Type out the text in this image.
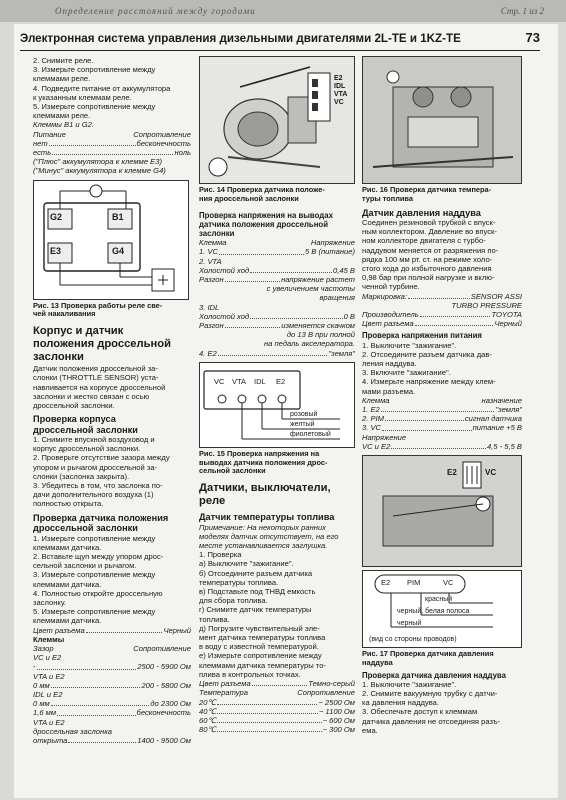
Определение расстояний между городами	Стр. 1 из 2
Электронная система управления дизельными двигателями 2L-TE и 1KZ-TE	73
2. Снимите реле.
3. Измерьте сопротивление между
клеммами реле.
4. Подведите питание от аккумулятора
к указанным клеммам реле.
5. Измерьте сопротивление между
клеммами реле.
Клеммы B1 и G2.
Питание	Сопротивление
нет	бесконечность
есть	ноль
("Плюс" аккумулятора к клемме E3)
("Минус" аккумулятора к клемме G4)
G2	B1
E3	G4
Рис. 13 Проверка работы реле све-
чей накаливания
Корпус и датчик
положения дроссельной
заслонки
Датчик положения дроссельной за-
слонки (THROTTLE SENSOR) уста-
навливается на корпусе дроссельной
заслонки и жестко связан с осью
дроссельной заслонки.
Проверка корпуса
дроссельной заслонки
1. Снимите впускной воздуховод и
корпус дроссельной заслонки.
2. Проверьте отсутствие зазора между
упором и рычагом дроссельной за-
слонки (заслонка закрыта).
3. Убедитесь в том, что заслонка по-
дачи дополнительного воздуха (1)
полностью открыта.
Проверка датчика положения
дроссельной заслонки
1. Измерьте сопротивление между
клеммами датчика.
2. Вставьте щуп между упором дрос-
сельной заслонки и рычагом.
3. Измерьте сопротивление между
клеммами датчика.
4. Полностью откройте дроссельную
заслонку.
5. Измерьте сопротивление между
клеммами датчика.
Цвет разъема	Черный
Клеммы
Зазор	Сопротивление
VC и E2
-	2500 - 5900 Ом
VTA и E2
0 мм	200 - 5800 Ом
IDL и E2
0 мм	до 2300 Ом
1,6 мм	бесконечность
VTA и E2
дроссельная заслонка
открыта	1400 - 9500 Ом
E2
IDL
VTA
VC
Рис. 14 Проверка датчика положе-
ния дроссельной заслонки
Проверка напряжения на выводах
датчика положения дроссельной
заслонки
Клемма	Напряжение
1. VC	5 В (питание)
2. VTA
Холостой ход	0,45 В
Разгон	напряжение растет
с увеличением частоты
вращения
3. IDL
Холостой ход	0 В
Разгон	изменяется скачком
до 13 В при полной
на педаль акселератора.
4. E2	"земля"
VC VTA IDL E2
розовый
желтый
фиолетовый
Рис. 15 Проверка напряжения на
выводах датчика положения дрос-
сельной заслонки
Датчики, выключатели,
реле
Датчик температуры топлива
Примечание: На некоторых ранних
моделях датчик отсутствует, на его
месте устанавливается заглушка.
1. Проверка
а) Выключите "зажигание".
б) Отсоедините разъем датчика
температуры топлива.
в) Подставьте под ТНВД емкость
для сбора топлива.
г) Снимите датчик температуры
топлива.
д) Погрузите чувствительный эле-
мент датчика температуры топлива
в воду с известной температурой.
е) Измерьте сопротивление между
клеммами датчика температуры то-
плива в контрольных точках.
Цвет разъема	Темно-серый
Температура	Сопротивление
20℃	~ 2500 Ом
40℃	~ 1100 Ом
60℃	~ 600 Ом
80℃	~ 300 Ом
Рис. 16 Проверка датчика темпера-
туры топлива
Датчик давления наддува
Соединен резиновой трубкой с впуск-
ным коллектором. Давление во впуск-
ном коллекторе двигателя с турбо-
наддувом меняется от разряжения по-
рядка 100 мм рт. ст. на режиме холо-
стого хода до избыточного давления
0,98 бар при полной нагрузке и вклю-
ченной турбине.
Маркировка:	SENSOR ASSI
TURBO PRESSURE
Производитель	TOYOTA
Цвет разъема	Черный
Проверка напряжения питания
1. Выключите "зажигание".
2. Отсоедините разъем датчика дав-
ления наддува.
3. Включите "зажигание".
4. Измерьте напряжение между клем-
мами разъема.
Клемма	назначение
1. E2	"земля"
2. PIM	сигнал датчика
3. VC	питание +5 В
Напряжение
VC и E2	4,5 - 5,5 В
E2	VC
E2 PIM	VC
красный
черный, белая полоса
черный
(вид со стороны проводов)
Рис. 17 Проверка датчика давления
наддува
Проверка датчика давления наддува
1. Выключите "зажигание".
2. Снимите вакуумную трубку с датчи-
ка давления наддува.
3. Обеспечьте доступ к клеммам
датчика давления не отсоединяя разъ-
ема.
